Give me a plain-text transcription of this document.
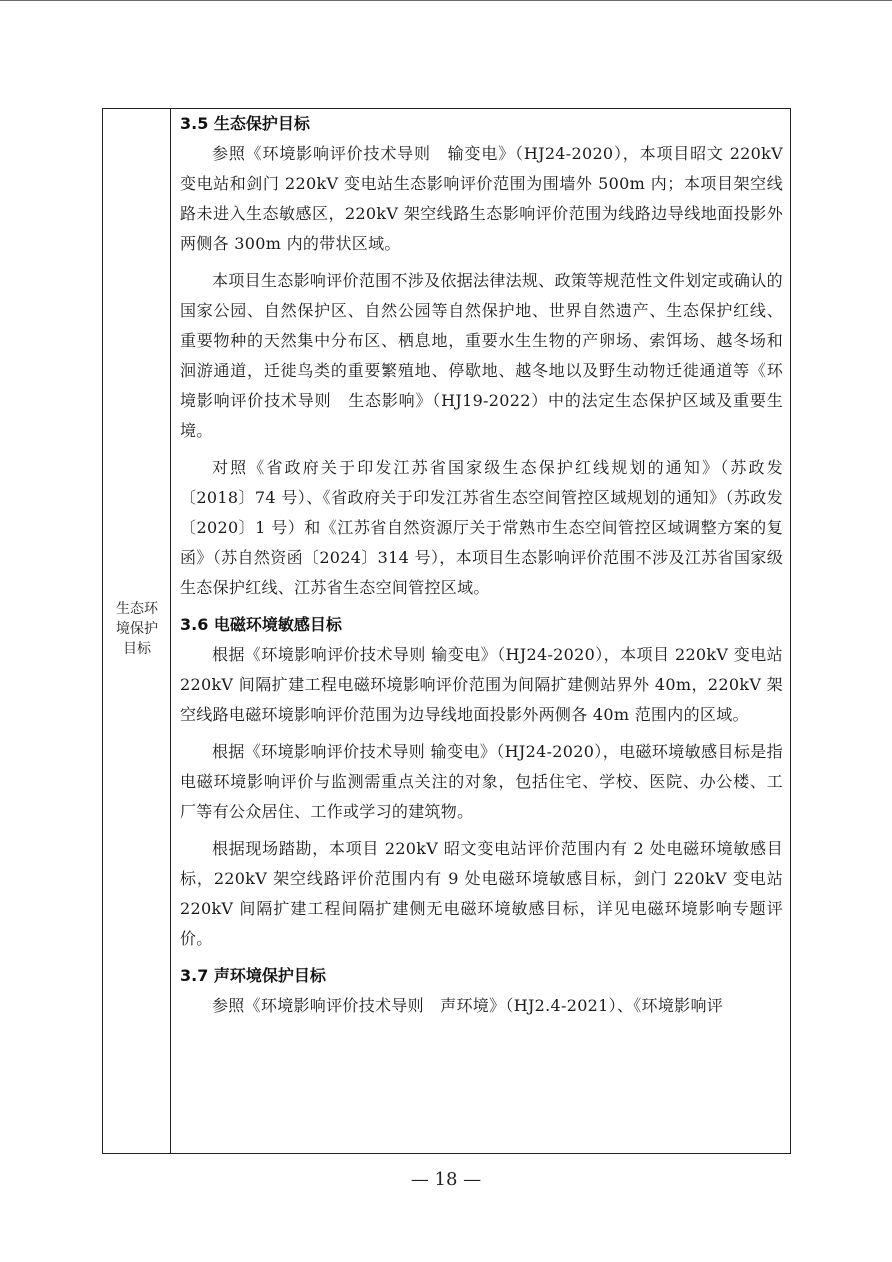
生态环
境保护
目标
3.5 生态保护目标

参照《环境影响评价技术导则　输变电》（HJ24-2020），本项目昭文 220kV 变电站和剑门 220kV 变电站生态影响评价范围为围墙外 500m 内；本项目架空线路未进入生态敏感区，220kV 架空线路生态影响评价范围为线路边导线地面投影外两侧各 300m 内的带状区域。

本项目生态影响评价范围不涉及依据法律法规、政策等规范性文件划定或确认的国家公园、自然保护区、自然公园等自然保护地、世界自然遗产、生态保护红线、重要物种的天然集中分布区、栖息地，重要水生生物的产卵场、索饵场、越冬场和洄游通道，迁徙鸟类的重要繁殖地、停歇地、越冬地以及野生动物迁徙通道等《环境影响评价技术导则　生态影响》（HJ19-2022）中的法定生态保护区域及重要生境。

对照《省政府关于印发江苏省国家级生态保护红线规划的通知》（苏政发〔2018〕74 号）、《省政府关于印发江苏省生态空间管控区域规划的通知》（苏政发〔2020〕1 号）和《江苏省自然资源厅关于常熟市生态空间管控区域调整方案的复函》（苏自然资函〔2024〕314 号），本项目生态影响评价范围不涉及江苏省国家级生态保护红线、江苏省生态空间管控区域。

3.6 电磁环境敏感目标

根据《环境影响评价技术导则 输变电》（HJ24-2020），本项目 220kV 变电站 220kV 间隔扩建工程电磁环境影响评价范围为间隔扩建侧站界外 40m，220kV 架空线路电磁环境影响评价范围为边导线地面投影外两侧各 40m 范围内的区域。

根据《环境影响评价技术导则 输变电》（HJ24-2020），电磁环境敏感目标是指电磁环境影响评价与监测需重点关注的对象，包括住宅、学校、医院、办公楼、工厂等有公众居住、工作或学习的建筑物。

根据现场踏勘，本项目 220kV 昭文变电站评价范围内有 2 处电磁环境敏感目标，220kV 架空线路评价范围内有 9 处电磁环境敏感目标，剑门 220kV 变电站 220kV 间隔扩建工程间隔扩建侧无电磁环境敏感目标，详见电磁环境影响专题评价。

3.7 声环境保护目标

参照《环境影响评价技术导则　声环境》（HJ2.4-2021）、《环境影响评

— 18 —
